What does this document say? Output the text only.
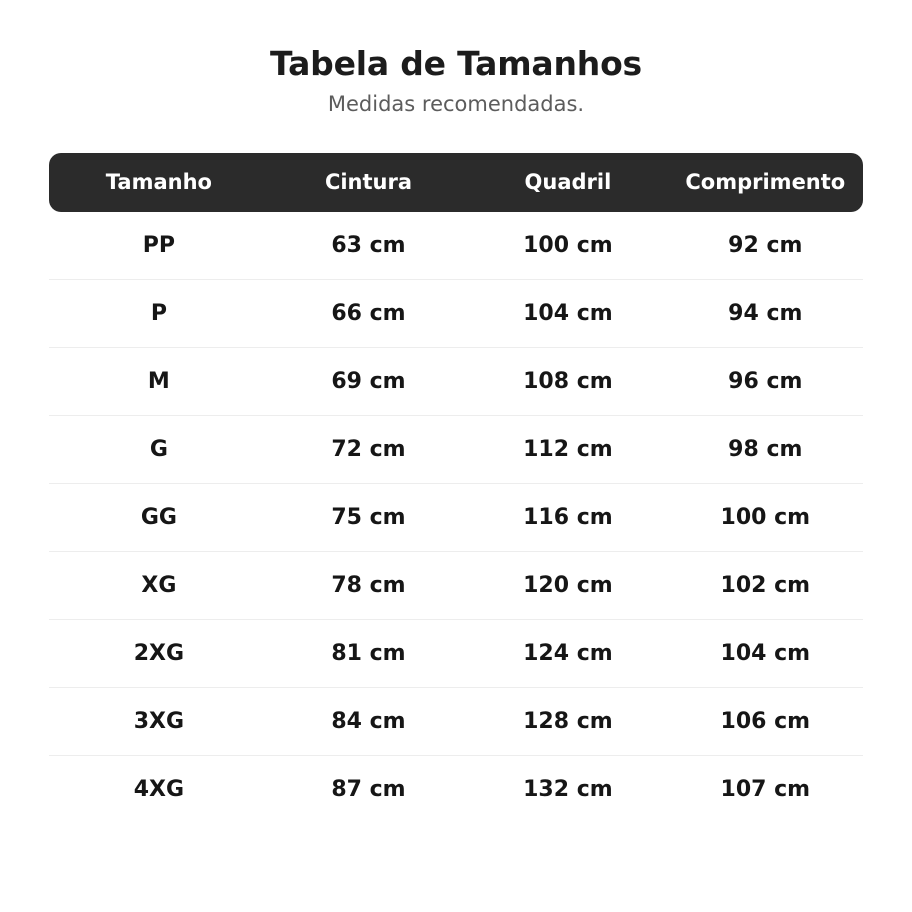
Tabela de Tamanhos

Medidas recomendadas.

Tamanho	Cintura	Quadril	Comprimento
PP	63 cm	100 cm	92 cm
P	66 cm	104 cm	94 cm
M	69 cm	108 cm	96 cm
G	72 cm	112 cm	98 cm
GG	75 cm	116 cm	100 cm
XG	78 cm	120 cm	102 cm
2XG	81 cm	124 cm	104 cm
3XG	84 cm	128 cm	106 cm
4XG	87 cm	132 cm	107 cm
